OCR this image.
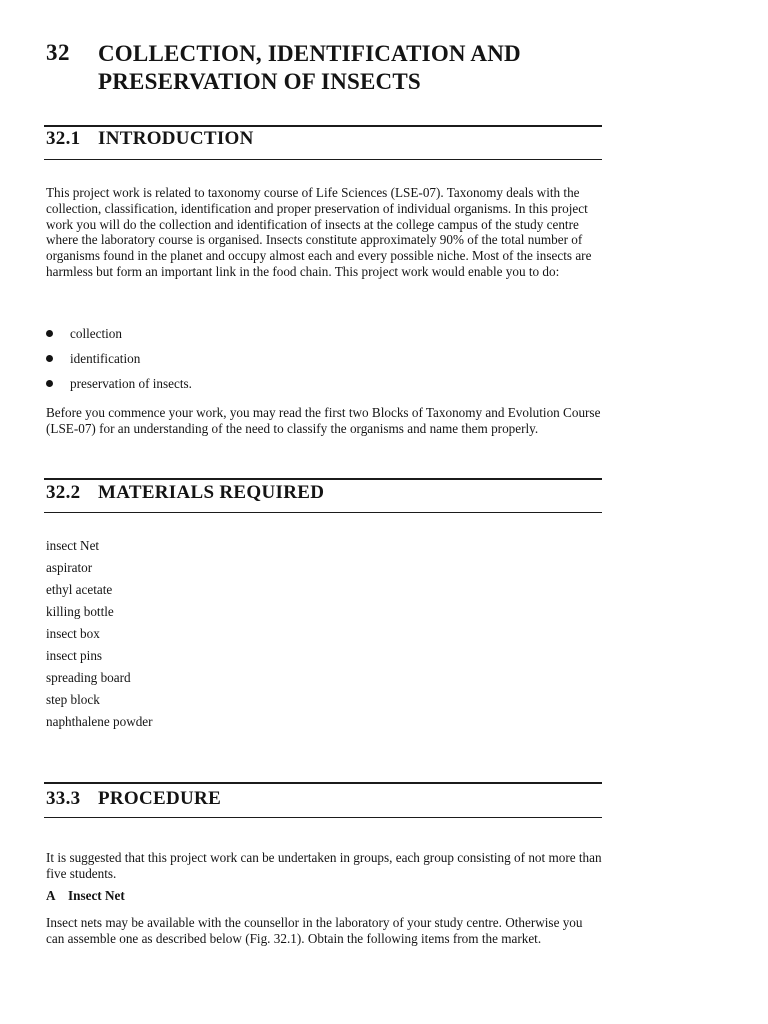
32 COLLECTION, IDENTIFICATION AND
PRESERVATION OF INSECTS
32.1 INTRODUCTION

This project work is related to taxonomy course of Life Sciences (LSE-07). Taxonomy deals with the collection, classification, identification and proper preservation of individual organisms. In this project work you will do the collection and identification of insects at the college campus of the study centre where the laboratory course is organised. Insects constitute approximately 90% of the total number of organisms found in the planet and occupy almost each and every possible niche. Most of the insects are harmless but form an important link in the food chain. This project work would enable you to do:

collection
identification
preservation of insects.

Before you commence your work, you may read the first two Blocks of Taxonomy and Evolution Course (LSE-07) for an understanding of the need to classify the organisms and name them properly.

32.2 MATERIALS REQUIRED
insect Net
aspirator
ethyl acetate
killing bottle
insect box
insect pins
spreading board
step block
naphthalene powder
33.3 PROCEDURE

It is suggested that this project work can be undertaken in groups, each group consisting of not more than five students.

A Insect Net

Insect nets may be available with the counsellor in the laboratory of your study centre. Otherwise you can assemble one as described below (Fig. 32.1). Obtain the following items from the market.
